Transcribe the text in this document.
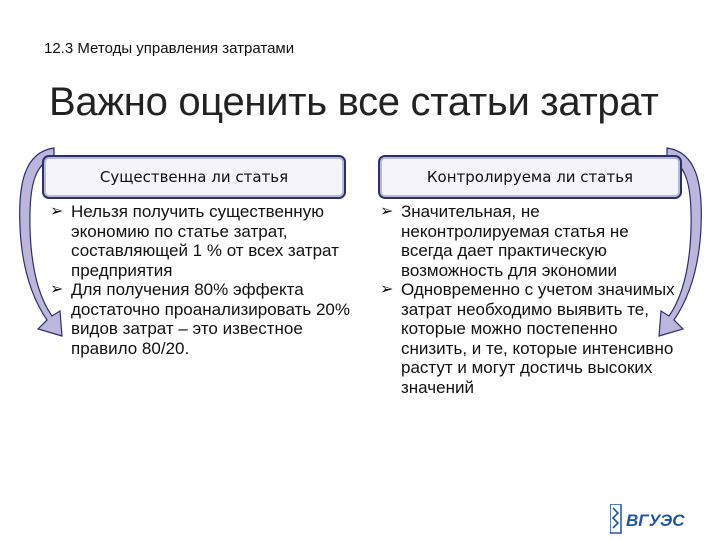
12.3 Методы управления затратами
Важно оценить все статьи затрат
Существенна ли статья	Контролируема ли статья
➢ Нельзя получить существенную экономию по статье затрат, составляющей 1 % от всех затрат предприятия
➢ Для получения 80% эффекта достаточно проанализировать 20% видов затрат – это известное правило 80/20.
➢ Значительная, не неконтролируемая статья не всегда дает практическую возможность для экономии
➢ Одновременно с учетом значимых затрат необходимо выявить те, которые можно постепенно снизить, и те, которые интенсивно растут и могут достичь высоких значений
ВГУЭС
